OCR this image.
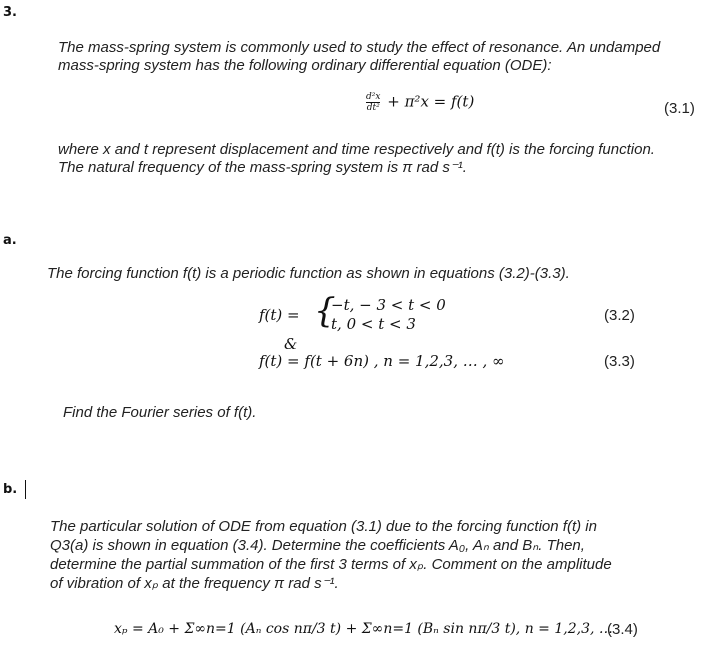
3.
The mass-spring system is commonly used to study the effect of resonance. An undamped
mass-spring system has the following ordinary differential equation (ODE):
$\frac{\text{d²x}}{\text{dt²}} + \pi^2x = f(t)$	(3.1)
where x and t represent displacement and time respectively and f(t) is the forcing function.
The natural frequency of the mass-spring system is π rad s⁻¹.
a.
The forcing function f(t) is a periodic function as shown in equations (3.2)-(3.3).
f(t) = {
−t, − 3 < t < 0
t, 0 < t < 3	(3.2)
&
f(t) = f(t + 6n) , n = 1,2,3, … , ∞	(3.3)
Find the Fourier series of f(t).
b.
The particular solution of ODE from equation (3.1) due to the forcing function f(t) in
Q3(a) is shown in equation (3.4). Determine the coefficients A₀, Aₙ and Bₙ. Then,
determine the partial summation of the first 3 terms of xₚ. Comment on the amplitude
of vibration of xₚ at the frequency π rad s⁻¹.
xₚ = A₀ + Σ∞n=1 (Aₙ cos nπ/3 t) + Σ∞n=1 (Bₙ sin nπ/3 t), n = 1,2,3, …
(3.4)
